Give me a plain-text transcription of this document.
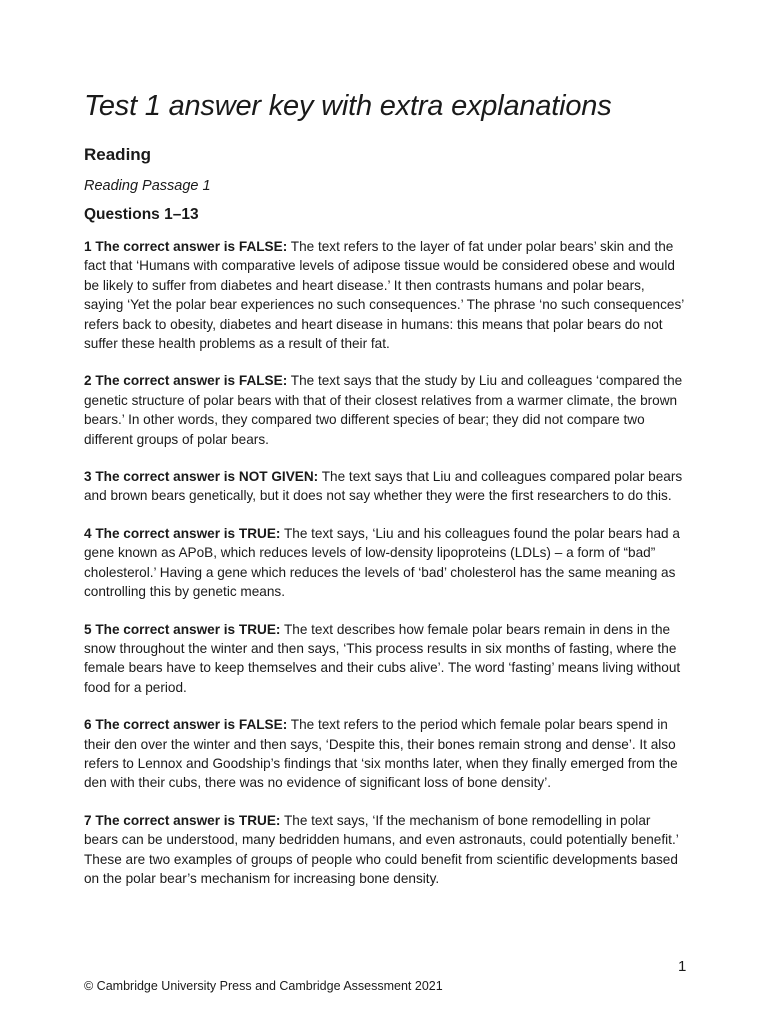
Test 1 answer key with extra explanations
Reading

Reading Passage 1

Questions 1–13

1 The correct answer is FALSE: The text refers to the layer of fat under polar bears’ skin and the fact that ‘Humans with comparative levels of adipose tissue would be considered obese and would be likely to suffer from diabetes and heart disease.’ It then contrasts humans and polar bears, saying ‘Yet the polar bear experiences no such consequences.’ The phrase ‘no such consequences’ refers back to obesity, diabetes and heart disease in humans: this means that polar bears do not suffer these health problems as a result of their fat.

2 The correct answer is FALSE: The text says that the study by Liu and colleagues ‘compared the genetic structure of polar bears with that of their closest relatives from a warmer climate, the brown bears.’ In other words, they compared two different species of bear; they did not compare two different groups of polar bears.

3 The correct answer is NOT GIVEN: The text says that Liu and colleagues compared polar bears and brown bears genetically, but it does not say whether they were the first researchers to do this.

4 The correct answer is TRUE: The text says, ‘Liu and his colleagues found the polar bears had a gene known as APoB, which reduces levels of low-density lipoproteins (LDLs) – a form of “bad” cholesterol.’ Having a gene which reduces the levels of ‘bad’ cholesterol has the same meaning as controlling this by genetic means.

5 The correct answer is TRUE: The text describes how female polar bears remain in dens in the snow throughout the winter and then says, ‘This process results in six months of fasting, where the female bears have to keep themselves and their cubs alive’. The word ‘fasting’ means living without food for a period.

6 The correct answer is FALSE: The text refers to the period which female polar bears spend in their den over the winter and then says, ‘Despite this, their bones remain strong and dense’. It also refers to Lennox and Goodship’s findings that ‘six months later, when they finally emerged from the den with their cubs, there was no evidence of significant loss of bone density’.

7 The correct answer is TRUE: The text says, ‘If the mechanism of bone remodelling in polar bears can be understood, many bedridden humans, and even astronauts, could potentially benefit.’ These are two examples of groups of people who could benefit from scientific developments based on the polar bear’s mechanism for increasing bone density.

1
© Cambridge University Press and Cambridge Assessment 2021
